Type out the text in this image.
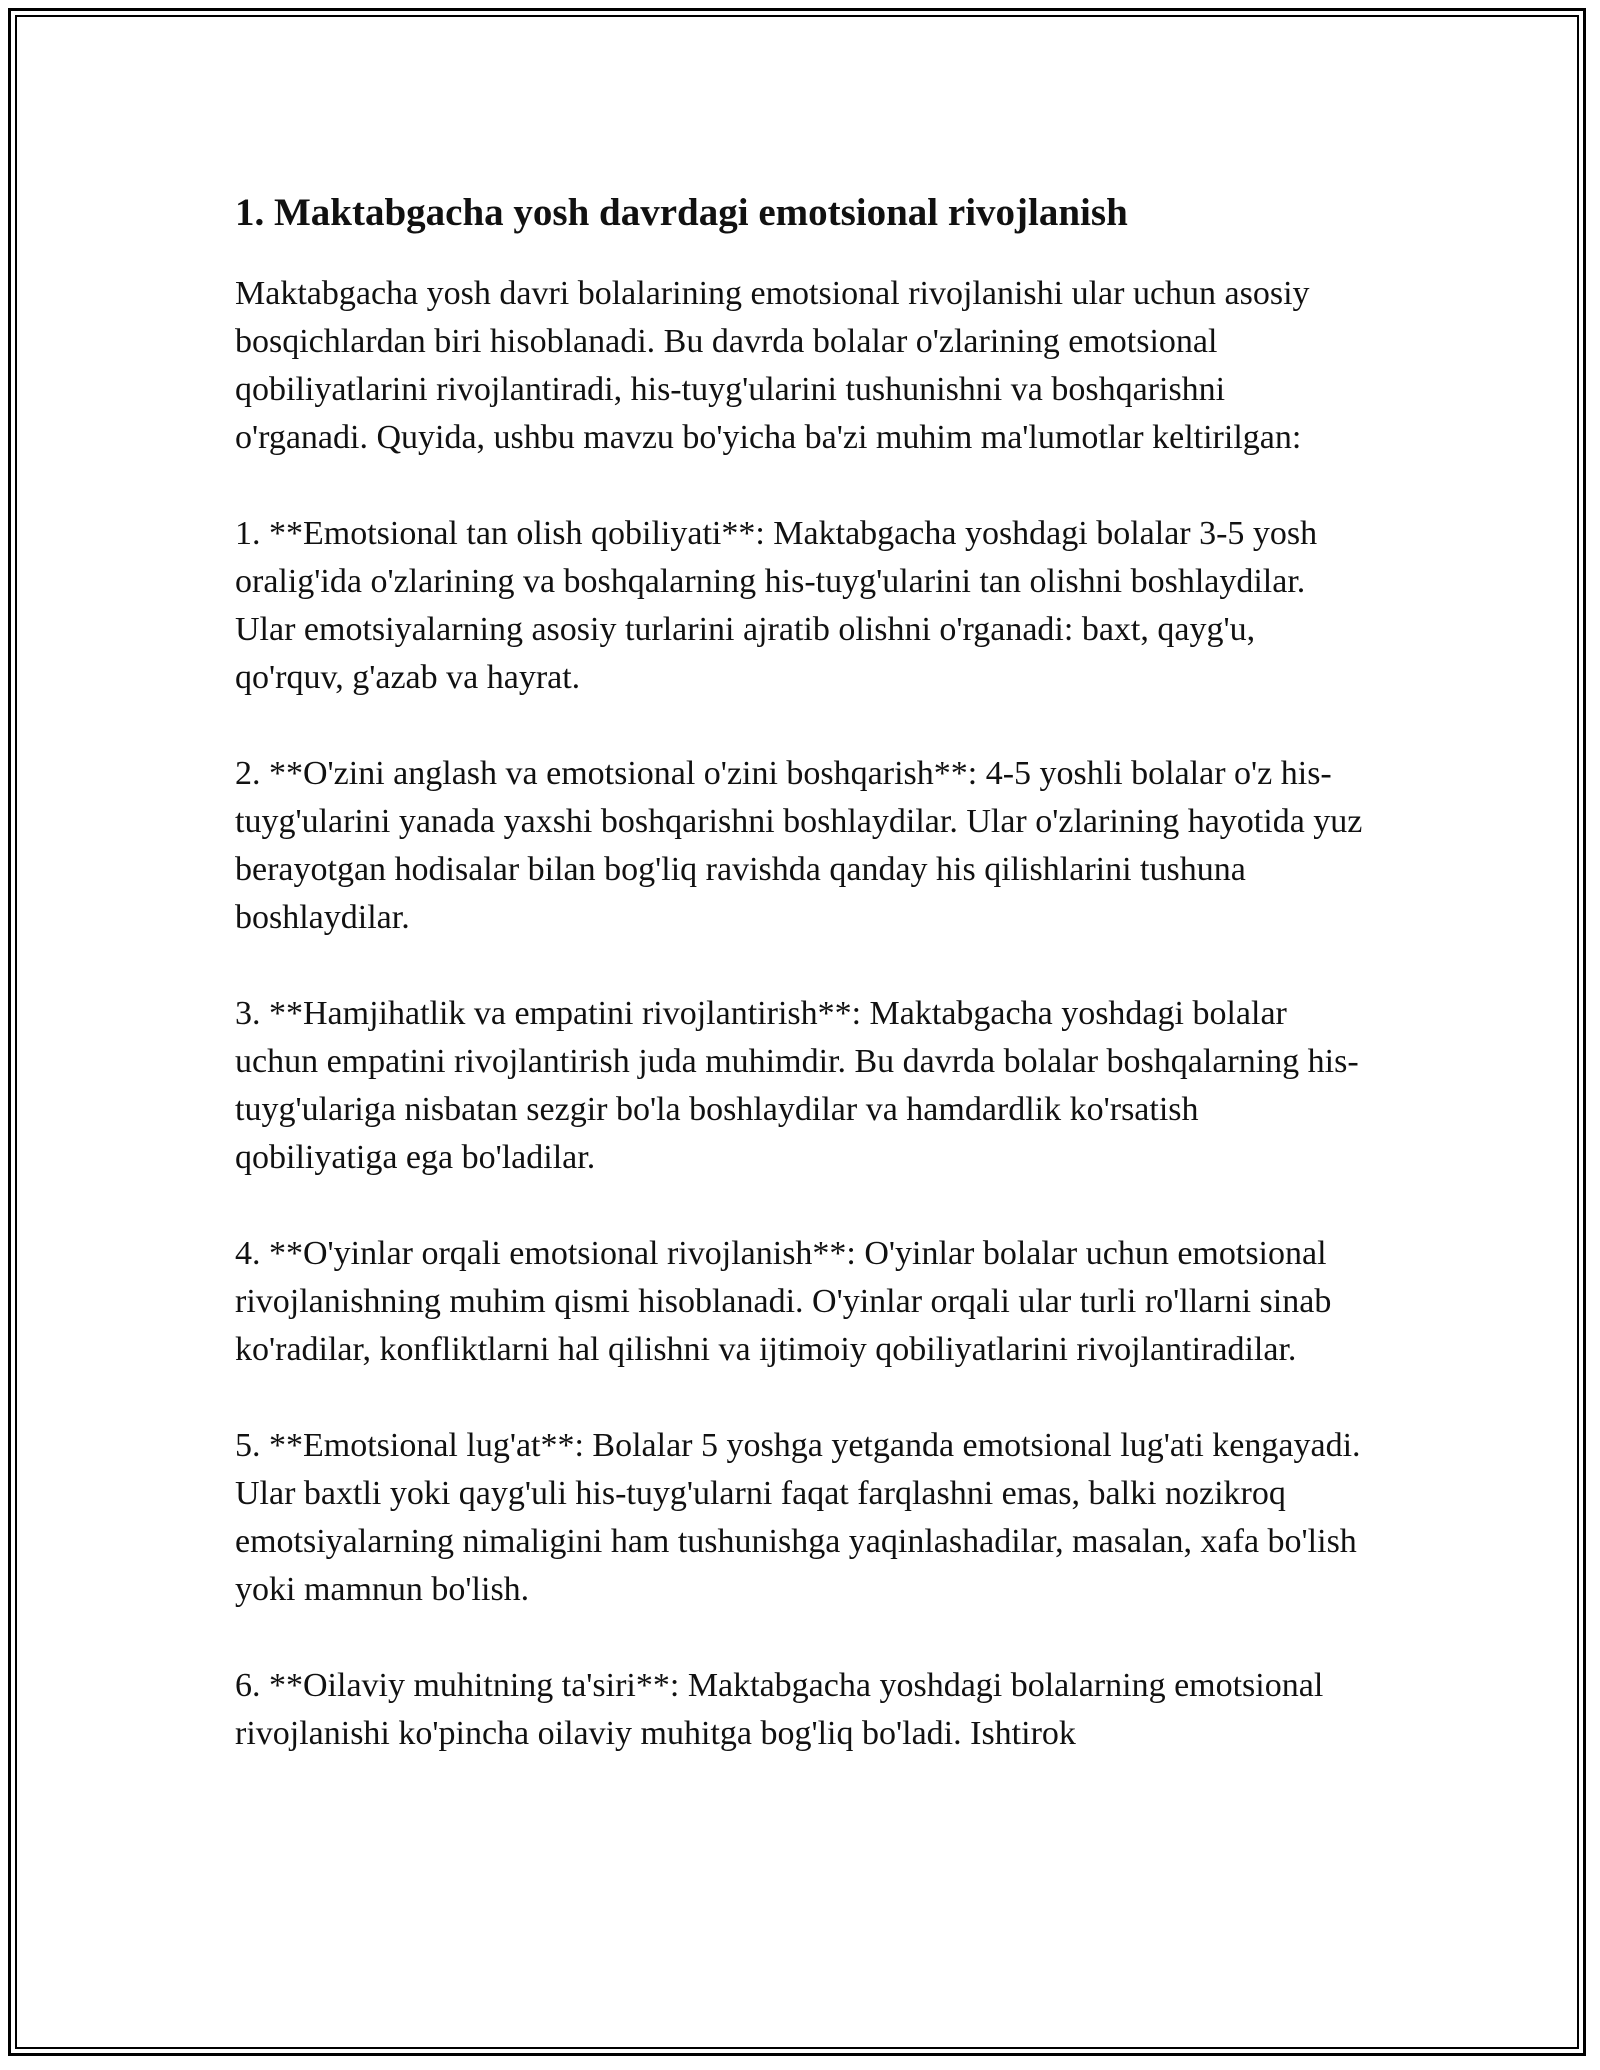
1. Maktabgacha yosh davrdagi emotsional rivojlanish

Maktabgacha yosh davri bolalarining emotsional rivojlanishi ular uchun asosiy bosqichlardan biri hisoblanadi. Bu davrda bolalar o'zlarining emotsional qobiliyatlarini rivojlantiradi, his-tuyg'ularini tushunishni va boshqarishni o'rganadi. Quyida, ushbu mavzu bo'yicha ba'zi muhim ma'lumotlar keltirilgan:

1. **Emotsional tan olish qobiliyati**: Maktabgacha yoshdagi bolalar 3-5 yosh oralig'ida o'zlarining va boshqalarning his-tuyg'ularini tan olishni boshlaydilar. Ular emotsiyalarning asosiy turlarini ajratib olishni o'rganadi: baxt, qayg'u, qo'rquv, g'azab va hayrat.

2. **O'zini anglash va emotsional o'zini boshqarish**: 4-5 yoshli bolalar o'z his-tuyg'ularini yanada yaxshi boshqarishni boshlaydilar. Ular o'zlarining hayotida yuz berayotgan hodisalar bilan bog'liq ravishda qanday his qilishlarini tushuna boshlaydilar.

3. **Hamjihatlik va empatini rivojlantirish**: Maktabgacha yoshdagi bolalar uchun empatini rivojlantirish juda muhimdir. Bu davrda bolalar boshqalarning his-tuyg'ulariga nisbatan sezgir bo'la boshlaydilar va hamdardlik ko'rsatish qobiliyatiga ega bo'ladilar.

4. **O'yinlar orqali emotsional rivojlanish**: O'yinlar bolalar uchun emotsional rivojlanishning muhim qismi hisoblanadi. O'yinlar orqali ular turli ro'llarni sinab ko'radilar, konfliktlarni hal qilishni va ijtimoiy qobiliyatlarini rivojlantiradilar.

5. **Emotsional lug'at**: Bolalar 5 yoshga yetganda emotsional lug'ati kengayadi. Ular baxtli yoki qayg'uli his-tuyg'ularni faqat farqlashni emas, balki nozikroq emotsiyalarning nimaligini ham tushunishga yaqinlashadilar, masalan, xafa bo'lish yoki mamnun bo'lish.

6. **Oilaviy muhitning ta'siri**: Maktabgacha yoshdagi bolalarning emotsional rivojlanishi ko'pincha oilaviy muhitga bog'liq bo'ladi. Ishtirok
